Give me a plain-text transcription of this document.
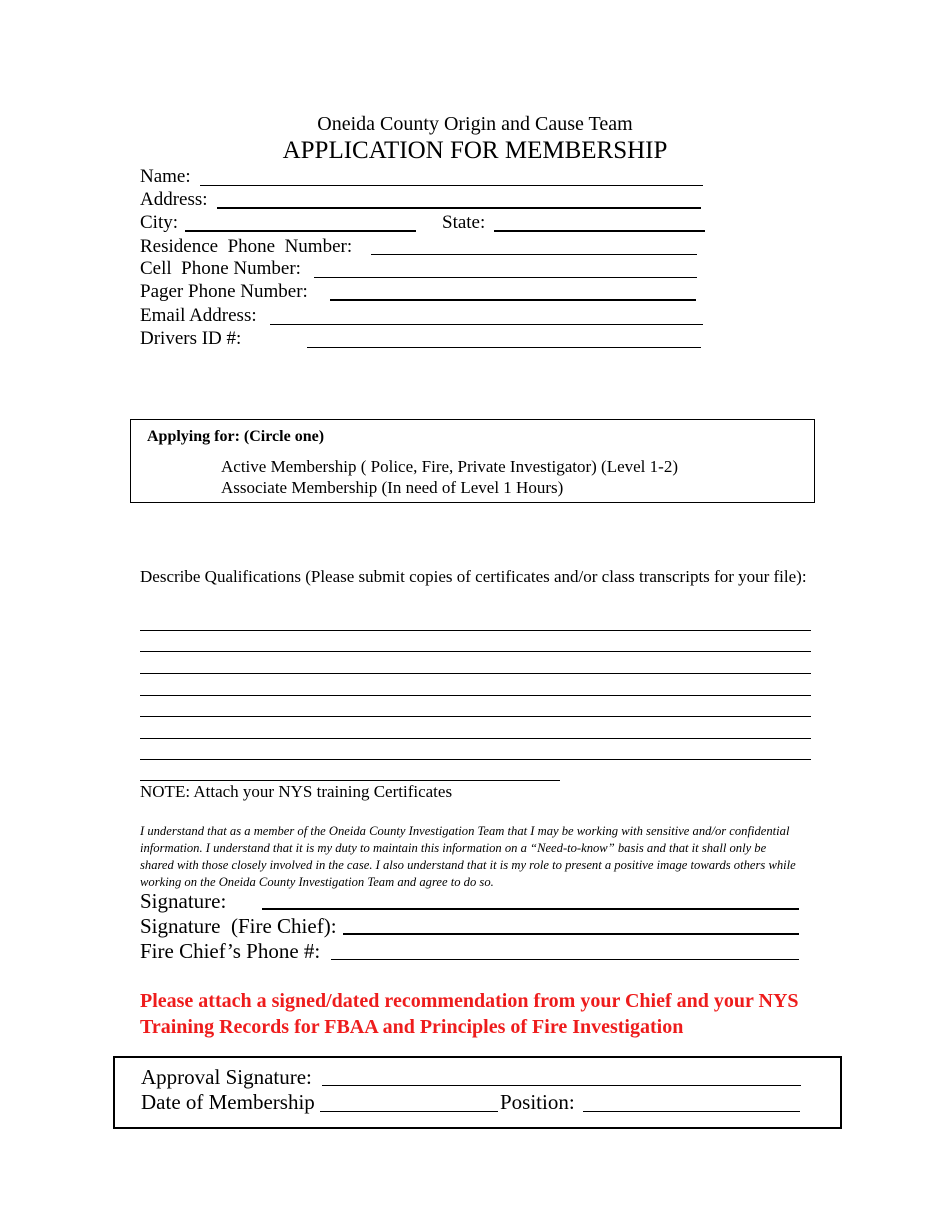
Oneida County Origin and Cause Team
APPLICATION FOR MEMBERSHIP
Name:
Address:
City:	State:
Residence  Phone  Number:
Cell  Phone Number:
Pager Phone Number:
Email Address:
Drivers ID #:
Applying for: (Circle one)
Active Membership ( Police, Fire, Private Investigator) (Level 1-2)
Associate Membership (In need of Level 1 Hours)
Describe Qualifications (Please submit copies of certificates and/or class transcripts for your file):
NOTE: Attach your NYS training Certificates
I understand that as a member of the Oneida County Investigation Team that I may be working with sensitive and/or confidential information. I understand that it is my duty to maintain this information on a “Need-to-know” basis and that it shall only be shared with those closely involved in the case. I also understand that it is my role to present a positive image towards others while working on the Oneida County Investigation Team and agree to do so.
Signature:
Signature  (Fire Chief):
Fire Chief’s Phone #:
Please attach a signed/dated recommendation from your Chief and your NYS Training Records for FBAA and Principles of Fire Investigation
Approval Signature:
Date of Membership	Position:
